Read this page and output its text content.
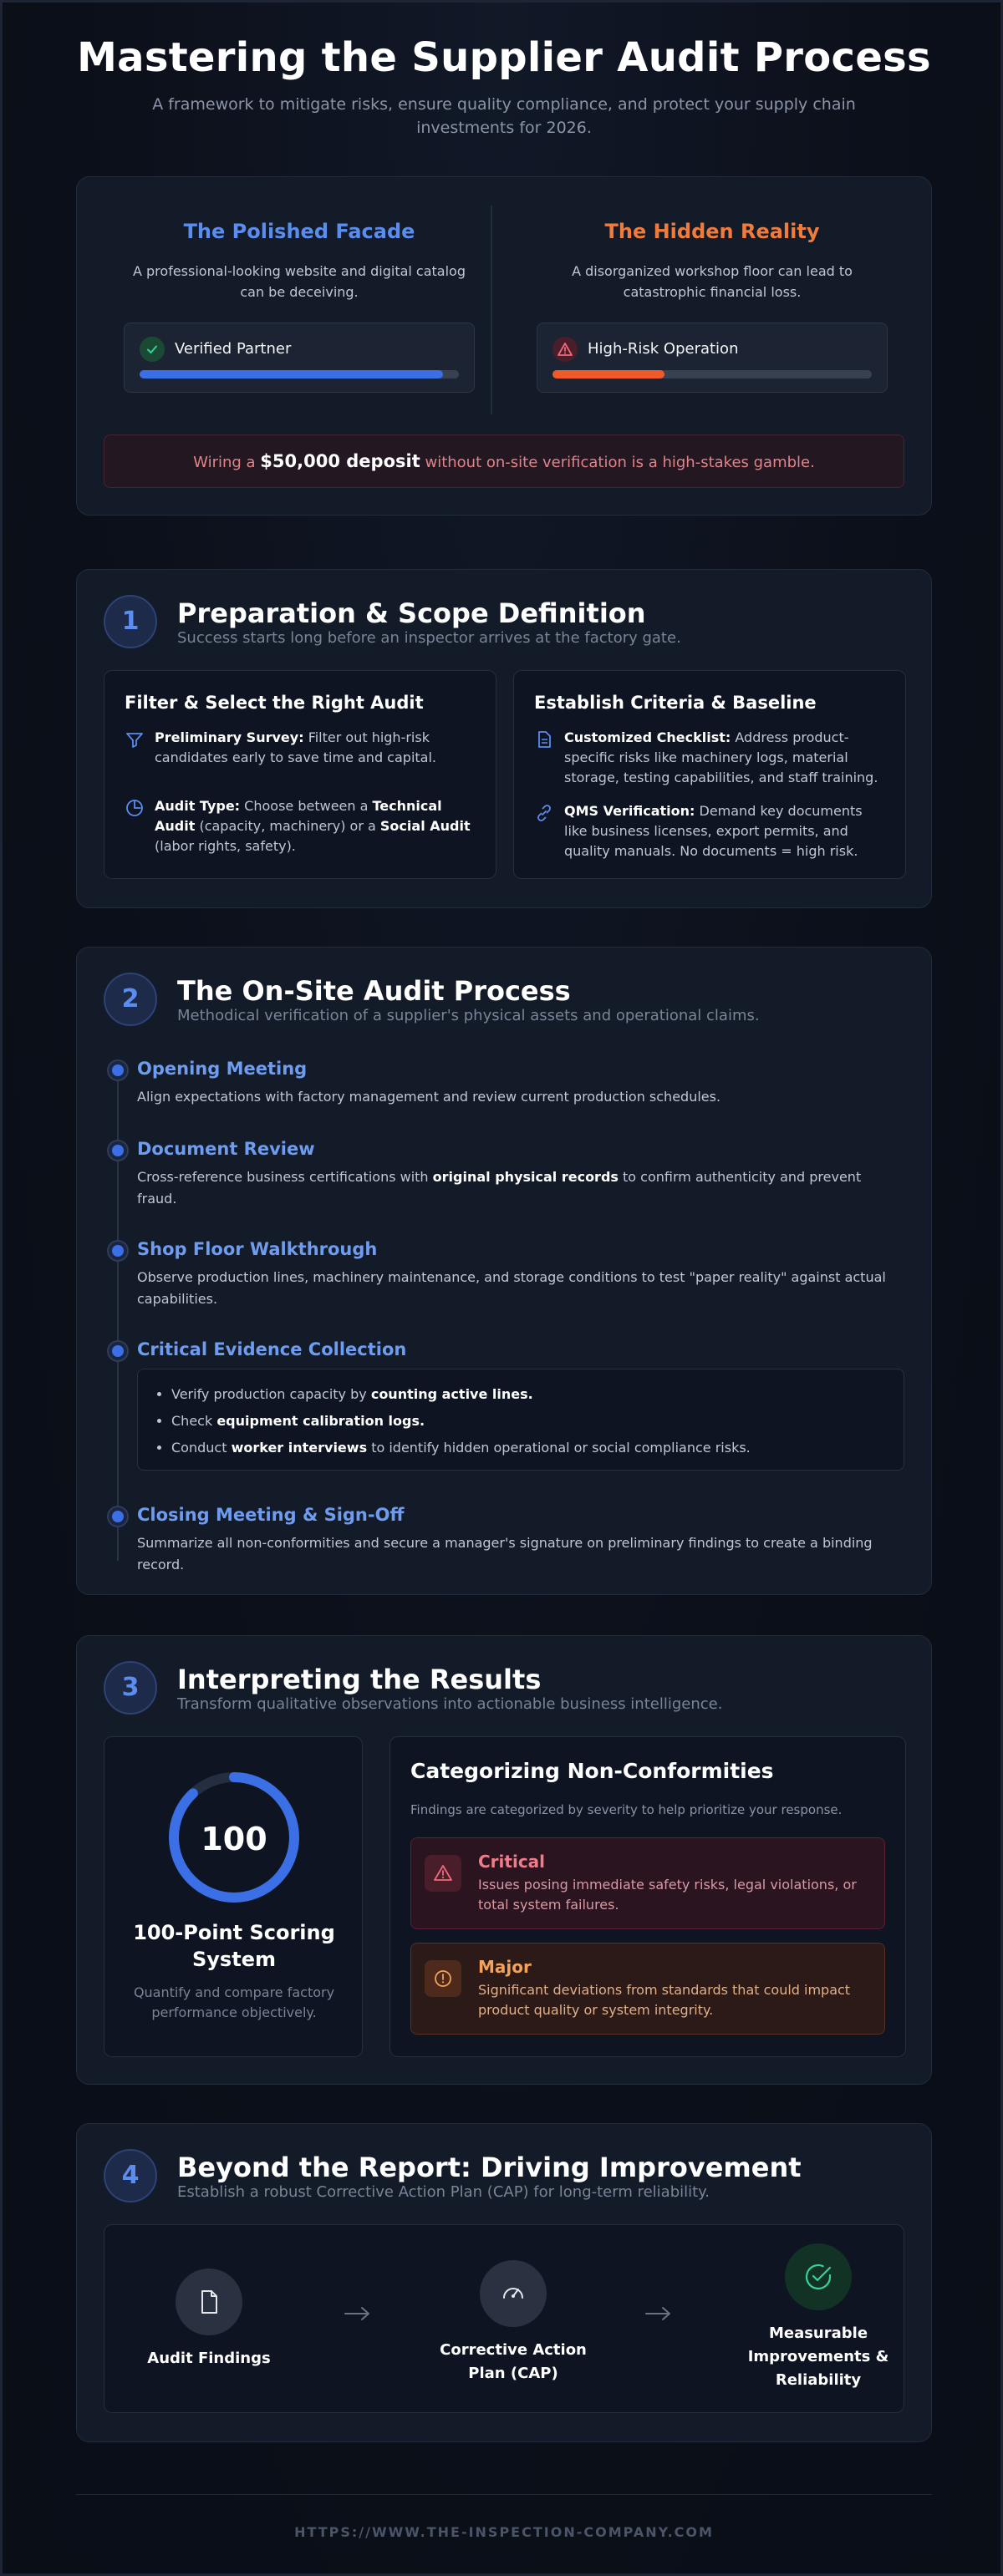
Mastering the Supplier Audit Process

A framework to mitigate risks, ensure quality compliance, and protect your supply chain investments for 2026.

The Polished Facade

A professional-looking website and digital catalog can be deceiving.

Verified Partner
The Hidden Reality

A disorganized workshop floor can lead to catastrophic financial loss.

High-Risk Operation
Wiring a $50,000 deposit without on-site verification is a high-stakes gamble.
1	Preparation & Scope Definition
Success starts long before an inspector arrives at the factory gate.
Filter & Select the Right Audit
Preliminary Survey: Filter out high-risk candidates early to save time and capital.
Audit Type: Choose between a Technical Audit (capacity, machinery) or a Social Audit (labor rights, safety).
Establish Criteria & Baseline
Customized Checklist: Address product-specific risks like machinery logs, material storage, testing capabilities, and staff training.
QMS Verification: Demand key documents like business licenses, export permits, and quality manuals. No documents = high risk.
2	The On-Site Audit Process
Methodical verification of a supplier's physical assets and operational claims.
Opening Meeting

Align expectations with factory management and review current production schedules.

Document Review

Cross-reference business certifications with original physical records to confirm authenticity and prevent fraud.

Shop Floor Walkthrough

Observe production lines, machinery maintenance, and storage conditions to test "paper reality" against actual capabilities.

Critical Evidence Collection
• Verify production capacity by counting active lines.
• Check equipment calibration logs.
• Conduct worker interviews to identify hidden operational or social compliance risks.
Closing Meeting & Sign-Off

Summarize all non-conformities and secure a manager's signature on preliminary findings to create a binding record.

3	Interpreting the Results
Transform qualitative observations into actionable business intelligence.
100
100-Point Scoring System
Quantify and compare factory performance objectively.
Categorizing Non-Conformities
Findings are categorized by severity to help prioritize your response.
Critical
Issues posing immediate safety risks, legal violations, or total system failures.
Major
Significant deviations from standards that could impact product quality or system integrity.
4	Beyond the Report: Driving Improvement
Establish a robust Corrective Action Plan (CAP) for long-term reliability.
Audit Findings	Corrective Action Plan (CAP)
Measurable Improvements & Reliability
HTTPS://WWW.THE-INSPECTION-COMPANY.COM
